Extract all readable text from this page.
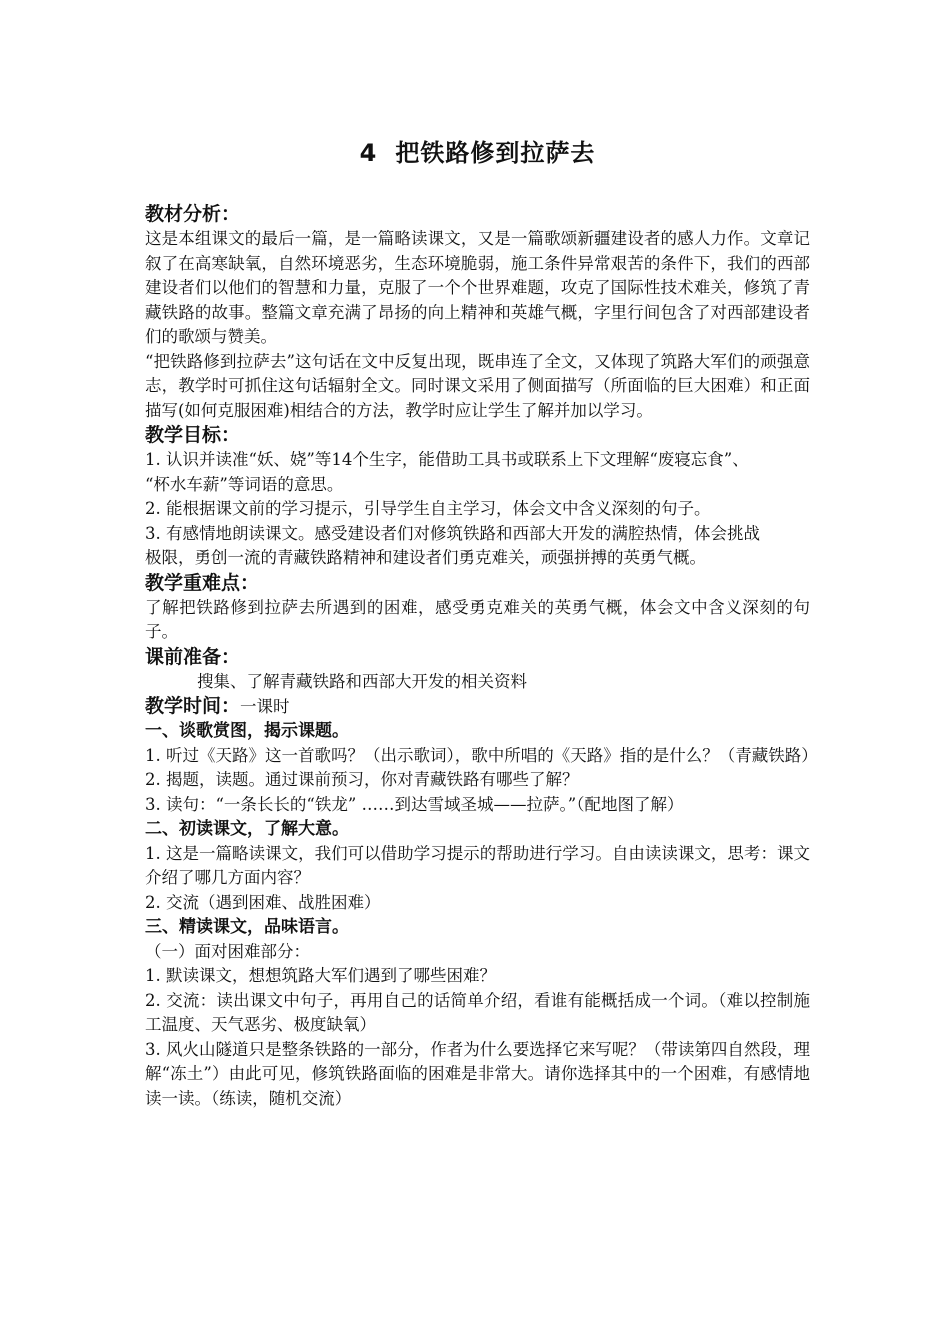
4 把铁路修到拉萨去

教材分析：

这是本组课文的最后一篇，是一篇略读课文，又是一篇歌颂新疆建设者的感人力作。文章记叙了在高寒缺氧，自然环境恶劣，生态环境脆弱，施工条件异常艰苦的条件下，我们的西部建设者们以他们的智慧和力量，克服了一个个世界难题，攻克了国际性技术难关，修筑了青藏铁路的故事。整篇文章充满了昂扬的向上精神和英雄气概，字里行间包含了对西部建设者们的歌颂与赞美。

“把铁路修到拉萨去”这句话在文中反复出现，既串连了全文，又体现了筑路大军们的顽强意志，教学时可抓住这句话辐射全文。同时课文采用了侧面描写（所面临的巨大困难）和正面描写(如何克服困难)相结合的方法，教学时应让学生了解并加以学习。

教学目标：

1. 认识并读准“妖、娆”等14个生字，能借助工具书或联系上下文理解“废寝忘食”、

“杯水车薪”等词语的意思。

2. 能根据课文前的学习提示，引导学生自主学习，体会文中含义深刻的句子。

3. 有感情地朗读课文。感受建设者们对修筑铁路和西部大开发的满腔热情，体会挑战

极限，勇创一流的青藏铁路精神和建设者们勇克难关，顽强拼搏的英勇气概。

教学重难点：

了解把铁路修到拉萨去所遇到的困难，感受勇克难关的英勇气概，体会文中含义深刻的句子。

课前准备：

搜集、了解青藏铁路和西部大开发的相关资料

教学时间：一课时

一、谈歌赏图，揭示课题。

1. 听过《天路》这一首歌吗？（出示歌词），歌中所唱的《天路》指的是什么？（青藏铁路）

2. 揭题，读题。通过课前预习，你对青藏铁路有哪些了解？

3. 读句：“一条长长的“铁龙” ……到达雪域圣城——拉萨。”（配地图了解）

二、初读课文，了解大意。

1. 这是一篇略读课文，我们可以借助学习提示的帮助进行学习。自由读读课文，思考：课文介绍了哪几方面内容？

2. 交流（遇到困难、战胜困难）

三、精读课文，品味语言。

（一）面对困难部分：

1. 默读课文，想想筑路大军们遇到了哪些困难？

2. 交流：读出课文中句子，再用自己的话简单介绍，看谁有能概括成一个词。（难以控制施工温度、天气恶劣、极度缺氧）

3. 风火山隧道只是整条铁路的一部分，作者为什么要选择它来写呢？（带读第四自然段，理解“冻土”）由此可见，修筑铁路面临的困难是非常大。请你选择其中的一个困难，有感情地读一读。（练读，随机交流）
